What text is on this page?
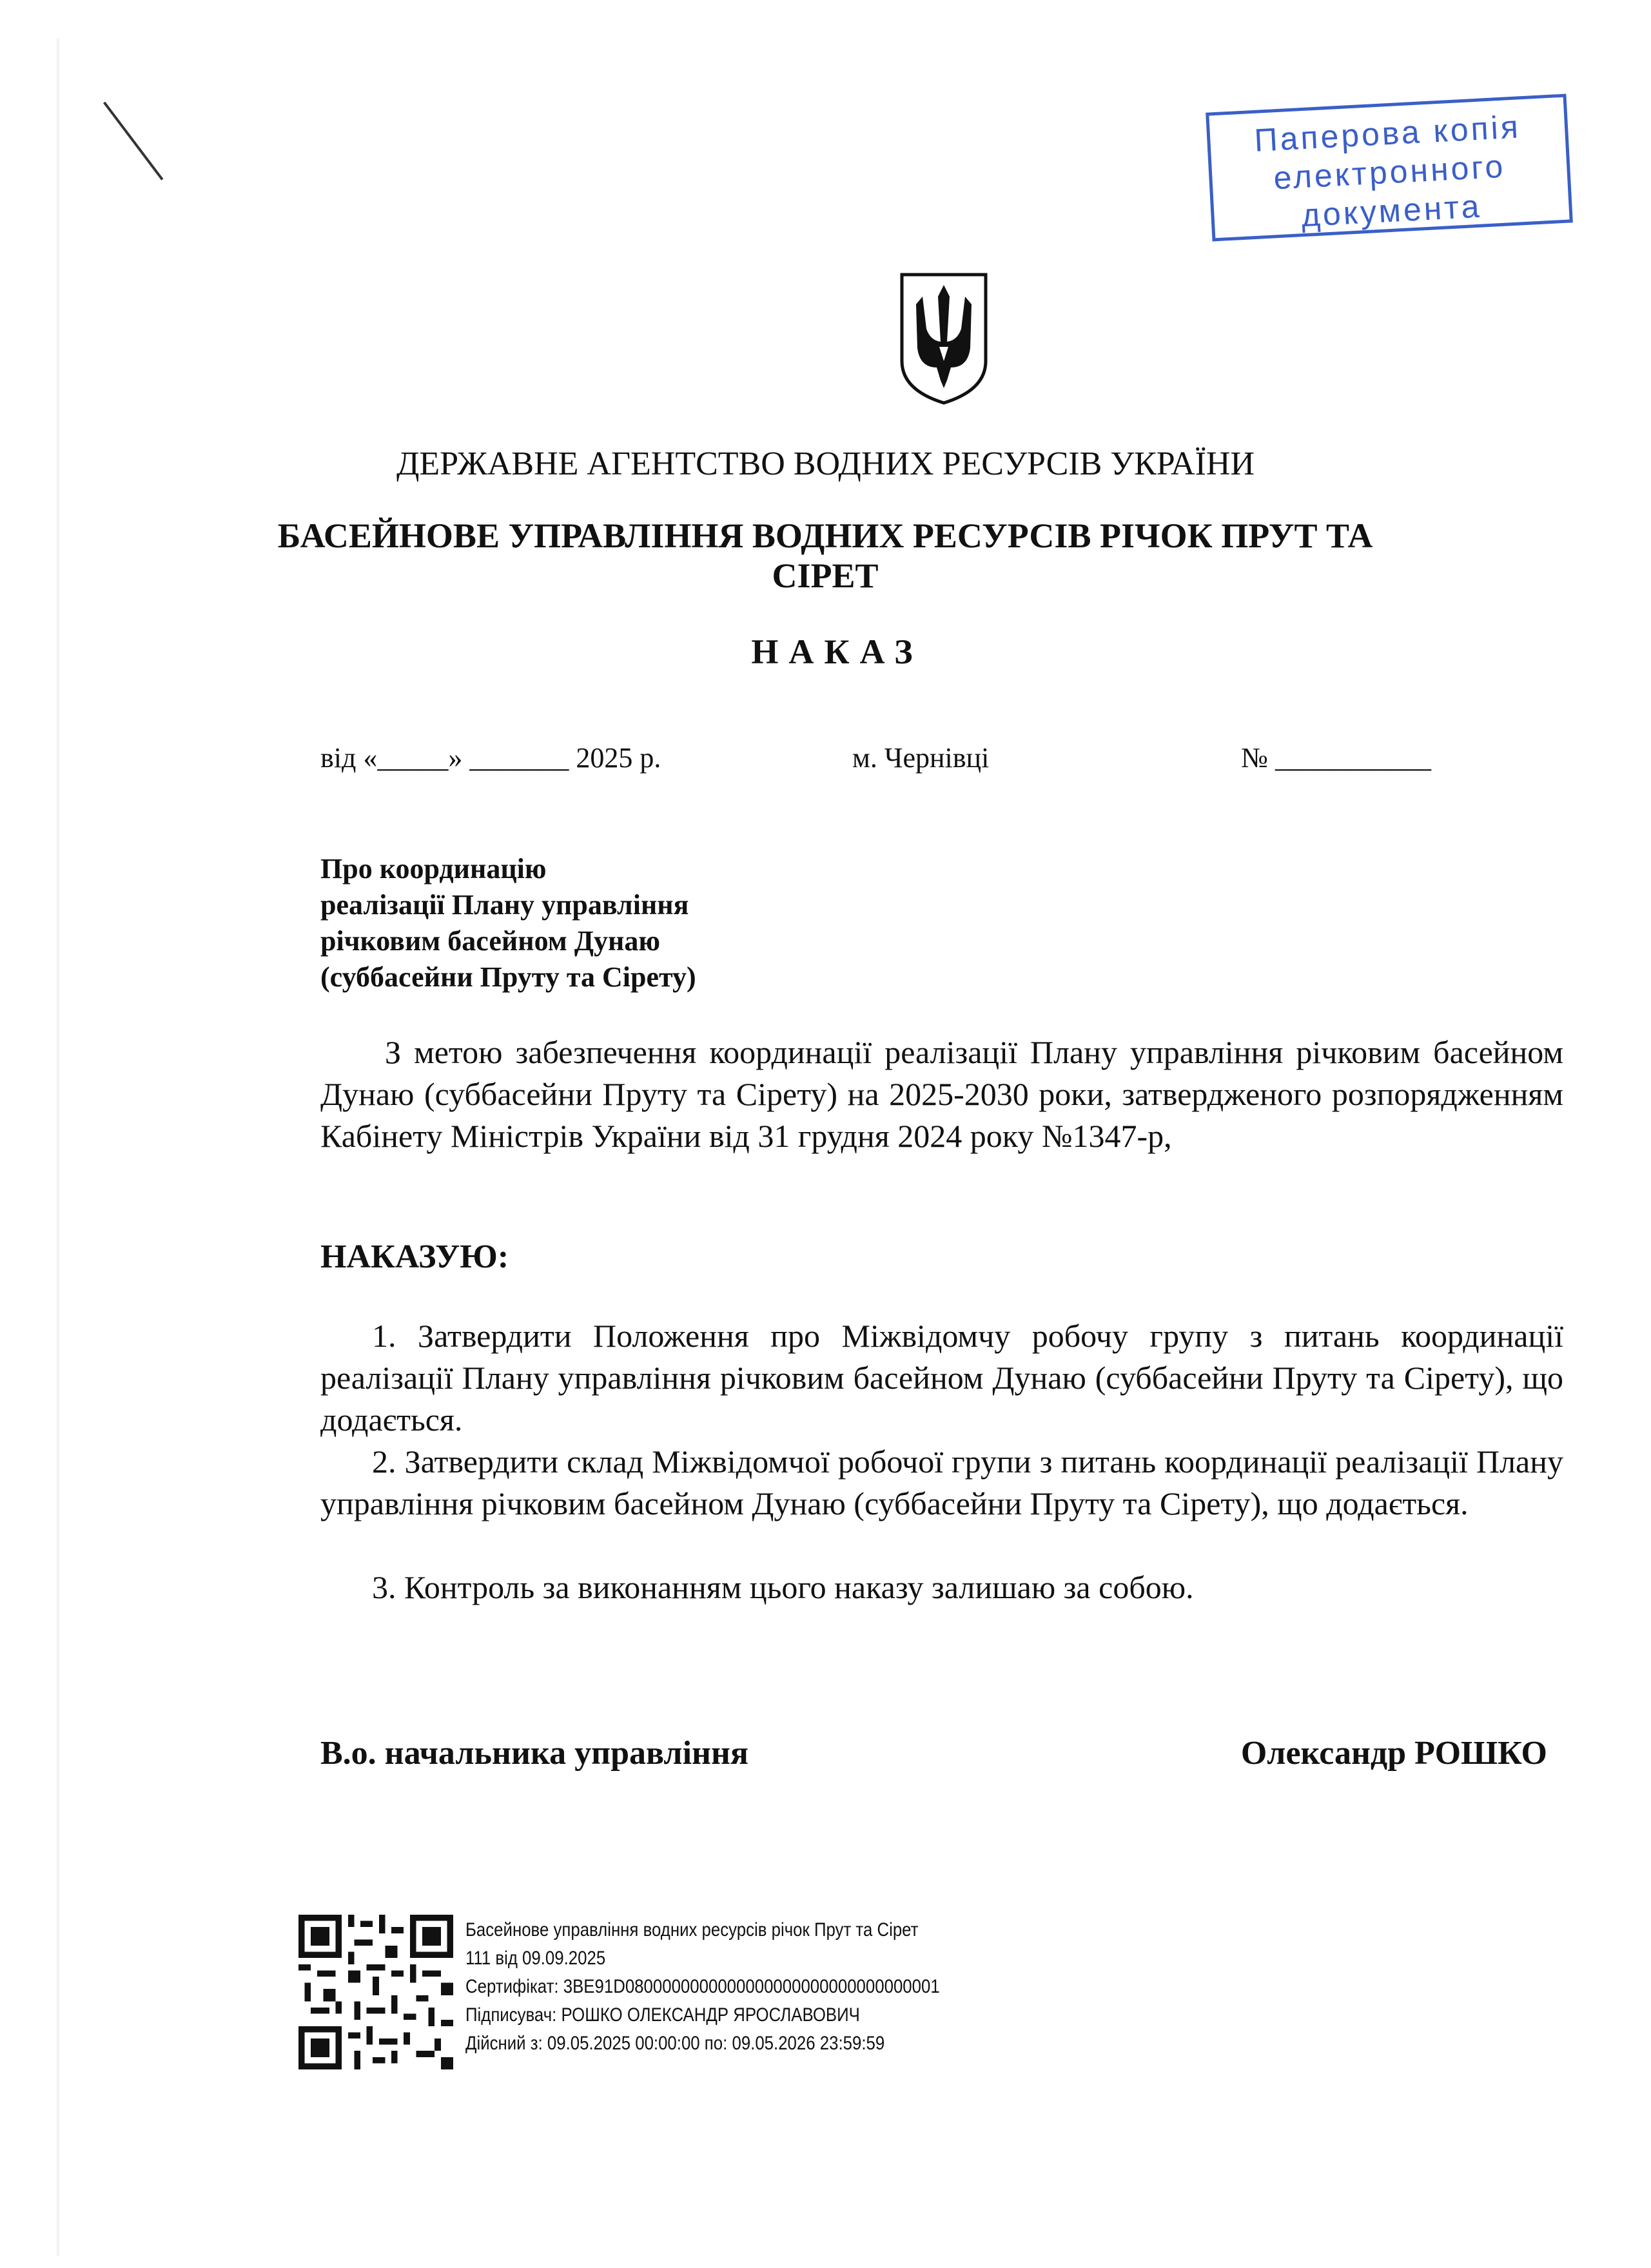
Паперова копія
електронного
документа
ДЕРЖАВНЕ АГЕНТСТВО ВОДНИХ РЕСУРСІВ УКРАЇНИ
БАСЕЙНОВЕ УПРАВЛІННЯ ВОДНИХ РЕСУРСІВ РІЧОК ПРУТ ТА СІРЕТ
НАКАЗ
від «_____» _______ 2025 р.	м. Чернівці	№ ___________
Про координацію
реалізації Плану управління
річковим басейном Дунаю
(суббасейни Пруту та Сірету)
З метою забезпечення координації реалізації Плану управління річковим басейном Дунаю (суббасейни Пруту та Сірету) на 2025-2030 роки, затвердженого розпорядженням Кабінету Міністрів України від 31 грудня 2024 року №1347-р,
НАКАЗУЮ:
1. Затвердити Положення про Міжвідомчу робочу групу з питань координації реалізації Плану управління річковим басейном Дунаю (суббасейни Пруту та Сірету), що додається.
2. Затвердити склад Міжвідомчої робочої групи з питань координації реалізації Плану управління річковим басейном Дунаю (суббасейни Пруту та Сірету), що додається.
3. Контроль за виконанням цього наказу залишаю за собою.
В.о. начальника управління	Олександр РОШКО
Басейнове управління водних ресурсів річок Прут та Сірет
111 від 09.09.2025
Сертифікат: 3BE91D0800000000000000000000000000000001
Підписувач: РОШКО ОЛЕКСАНДР ЯРОСЛАВОВИЧ
Дійсний з: 09.05.2025 00:00:00 по: 09.05.2026 23:59:59
